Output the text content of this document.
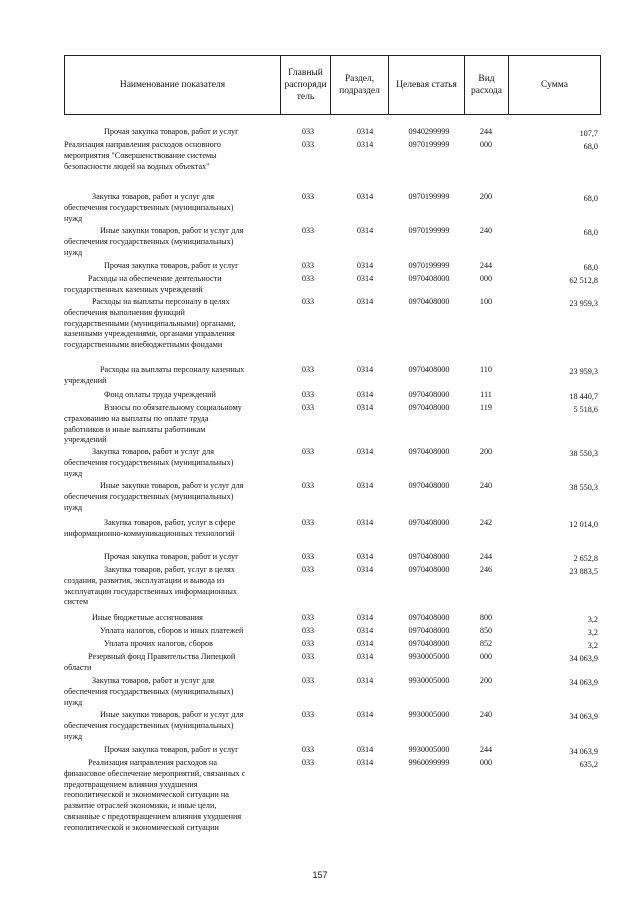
Наименование показателя	Главный распоряди тель	Раздел, подраздел	Целевая статья	Вид расхода	Сумма
Прочая закупка товаров, работ и услуг	033	0314	0940299999	244	107,7
Реализация направления расходов основного
мероприятия "Совершенствование системы
безопасности людей на водных объектах"
033	0314	0970199999	000	68,0
Закупка товаров, работ и услуг для
обеспечения государственных (муниципальных)
нужд
033	0314	0970199999	200	68,0
Иные закупки товаров, работ и услуг для
обеспечения государственных (муниципальных)
нужд
033	0314	0970199999	240	68,0
Прочая закупка товаров, работ и услуг	033	0314	0970199999	244	68,0
Расходы на обеспечение деятельности
государственных казенных учреждений
033	0314	0970408000	000	62 512,8
Расходы на выплаты персоналу в целях
обеспечения выполнения функций
государственными (муниципальными) органами,
казенными учреждениями, органами управления
государственными внебюджетными фондами
033	0314	0970408000	100	23 959,3
Расходы на выплаты персоналу казенных
учреждений
033	0314	0970408000	110	23 959,3
Фонд оплаты труда учреждений	033	0314	0970408000	111	18 440,7
Взносы по обязательному социальному
страхованию на выплаты по оплате труда
работников и иные выплаты работникам
учреждений
033	0314	0970408000	119	5 518,6
Закупка товаров, работ и услуг для
обеспечения государственных (муниципальных)
нужд
033	0314	0970408000	200	38 550,3
Иные закупки товаров, работ и услуг для
обеспечения государственных (муниципальных)
нужд
033	0314	0970408000	240	38 550,3
Закупка товаров, работ, услуг в сфере
информационно-коммуникационных технологий
033	0314	0970408000	242	12 014,0
Прочая закупка товаров, работ и услуг	033	0314	0970408000	244	2 652,8
Закупка товаров, работ, услуг в целях
создания, развития, эксплуатации и вывода из
эксплуатации государственных информационных
систем
033	0314	0970408000	246	23 883,5
Иные бюджетные ассигнования	033	0314	0970408000	800	3,2
Уплата налогов, сборов и иных платежей	033	0314	0970408000	850	3,2
Уплата прочих налогов, сборов	033	0314	0970408000	852	3,2
Резервный фонд Правительства Липецкой
области
033	0314	9930005000	000	34 063,9
Закупка товаров, работ и услуг для
обеспечения государственных (муниципальных)
нужд
033	0314	9930005000	200	34 063,9
Иные закупки товаров, работ и услуг для
обеспечения государственных (муниципальных)
нужд
033	0314	9930005000	240	34 063,9
Прочая закупка товаров, работ и услуг	033	0314	9930005000	244	34 063,9
Реализация направления расходов на
финансовое обеспечение мероприятий, связанных с
предотвращением влияния ухудшения
геополитической и экономической ситуации на
развитие отраслей экономики, и иные цели,
связанные с предотвращением влияния ухудшения
геополитической и экономической ситуации
033	0314	9960099999	000	635,2
157
